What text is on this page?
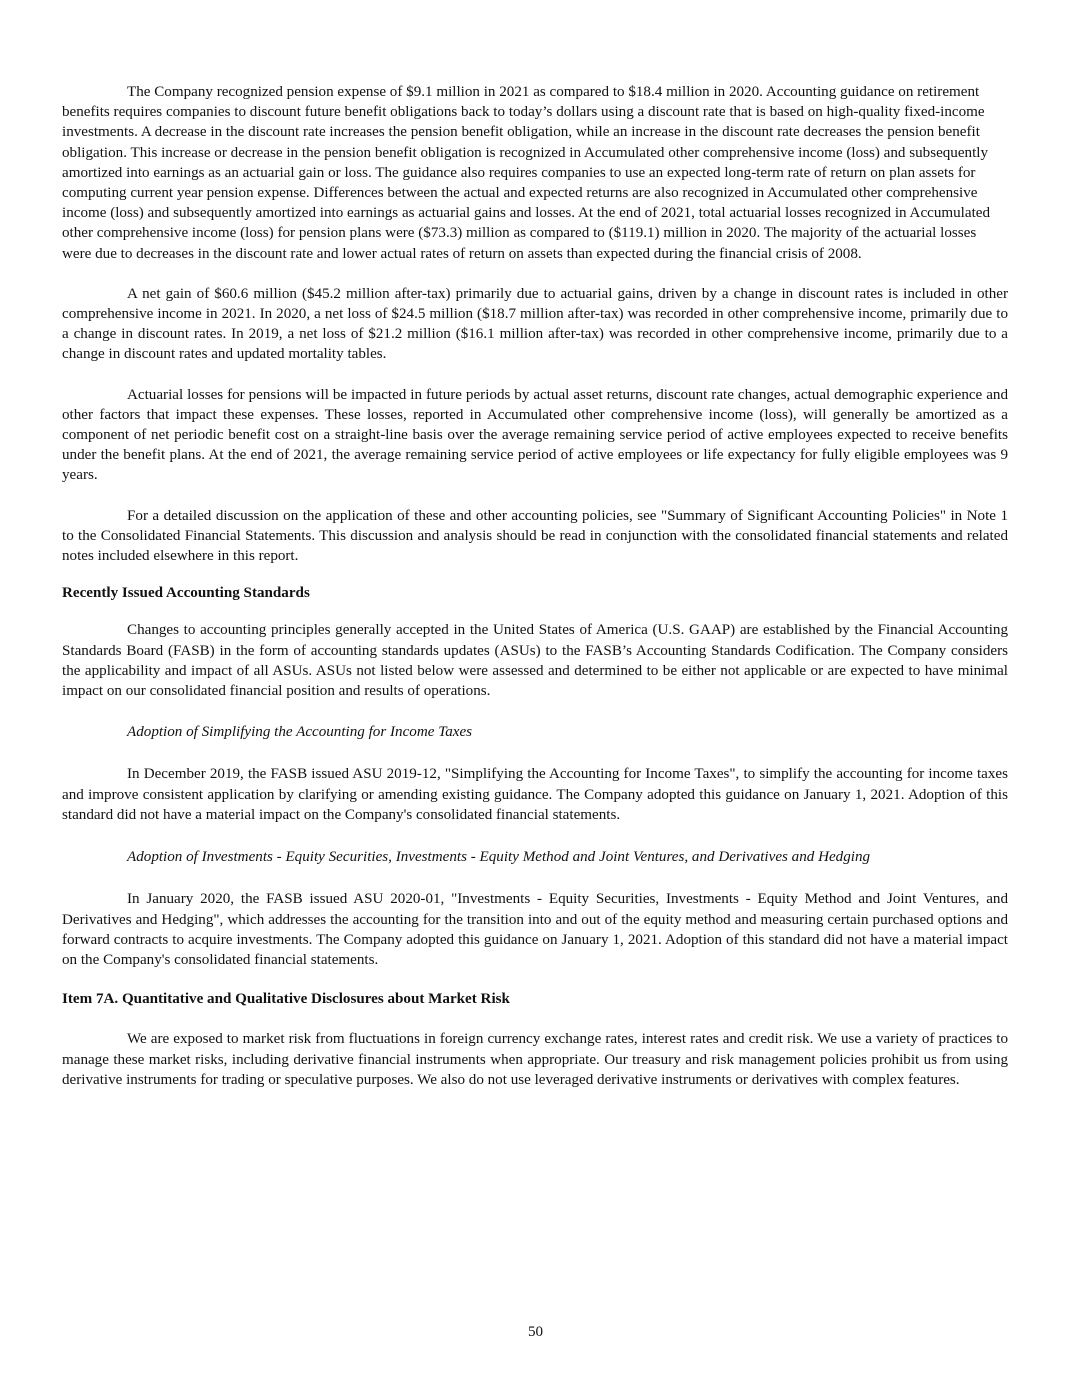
The Company recognized pension expense of $9.1 million in 2021 as compared to $18.4 million in 2020. Accounting guidance on retirement benefits requires companies to discount future benefit obligations back to today’s dollars using a discount rate that is based on high-quality fixed-income investments. A decrease in the discount rate increases the pension benefit obligation, while an increase in the discount rate decreases the pension benefit obligation. This increase or decrease in the pension benefit obligation is recognized in Accumulated other comprehensive income (loss) and subsequently amortized into earnings as an actuarial gain or loss. The guidance also requires companies to use an expected long-term rate of return on plan assets for computing current year pension expense. Differences between the actual and expected returns are also recognized in Accumulated other comprehensive income (loss) and subsequently amortized into earnings as actuarial gains and losses. At the end of 2021, total actuarial losses recognized in Accumulated other comprehensive income (loss) for pension plans were ($73.3) million as compared to ($119.1) million in 2020. The majority of the actuarial losses were due to decreases in the discount rate and lower actual rates of return on assets than expected during the financial crisis of 2008.

A net gain of $60.6 million ($45.2 million after-tax) primarily due to actuarial gains, driven by a change in discount rates is included in other comprehensive income in 2021. In 2020, a net loss of $24.5 million ($18.7 million after-tax) was recorded in other comprehensive income, primarily due to a change in discount rates. In 2019, a net loss of $21.2 million ($16.1 million after-tax) was recorded in other comprehensive income, primarily due to a change in discount rates and updated mortality tables.

Actuarial losses for pensions will be impacted in future periods by actual asset returns, discount rate changes, actual demographic experience and other factors that impact these expenses. These losses, reported in Accumulated other comprehensive income (loss), will generally be amortized as a component of net periodic benefit cost on a straight-line basis over the average remaining service period of active employees expected to receive benefits under the benefit plans. At the end of 2021, the average remaining service period of active employees or life expectancy for fully eligible employees was 9 years.

For a detailed discussion on the application of these and other accounting policies, see "Summary of Significant Accounting Policies" in Note 1 to the Consolidated Financial Statements. This discussion and analysis should be read in conjunction with the consolidated financial statements and related notes included elsewhere in this report.

Recently Issued Accounting Standards

Changes to accounting principles generally accepted in the United States of America (U.S. GAAP) are established by the Financial Accounting Standards Board (FASB) in the form of accounting standards updates (ASUs) to the FASB’s Accounting Standards Codification. The Company considers the applicability and impact of all ASUs. ASUs not listed below were assessed and determined to be either not applicable or are expected to have minimal impact on our consolidated financial position and results of operations.

Adoption of Simplifying the Accounting for Income Taxes

In December 2019, the FASB issued ASU 2019-12, "Simplifying the Accounting for Income Taxes", to simplify the accounting for income taxes and improve consistent application by clarifying or amending existing guidance. The Company adopted this guidance on January 1, 2021. Adoption of this standard did not have a material impact on the Company's consolidated financial statements.

Adoption of Investments - Equity Securities, Investments - Equity Method and Joint Ventures, and Derivatives and Hedging

In January 2020, the FASB issued ASU 2020-01, "Investments - Equity Securities, Investments - Equity Method and Joint Ventures, and Derivatives and Hedging", which addresses the accounting for the transition into and out of the equity method and measuring certain purchased options and forward contracts to acquire investments. The Company adopted this guidance on January 1, 2021. Adoption of this standard did not have a material impact on the Company's consolidated financial statements.

Item 7A. Quantitative and Qualitative Disclosures about Market Risk

We are exposed to market risk from fluctuations in foreign currency exchange rates, interest rates and credit risk. We use a variety of practices to manage these market risks, including derivative financial instruments when appropriate. Our treasury and risk management policies prohibit us from using derivative instruments for trading or speculative purposes. We also do not use leveraged derivative instruments or derivatives with complex features.

50
